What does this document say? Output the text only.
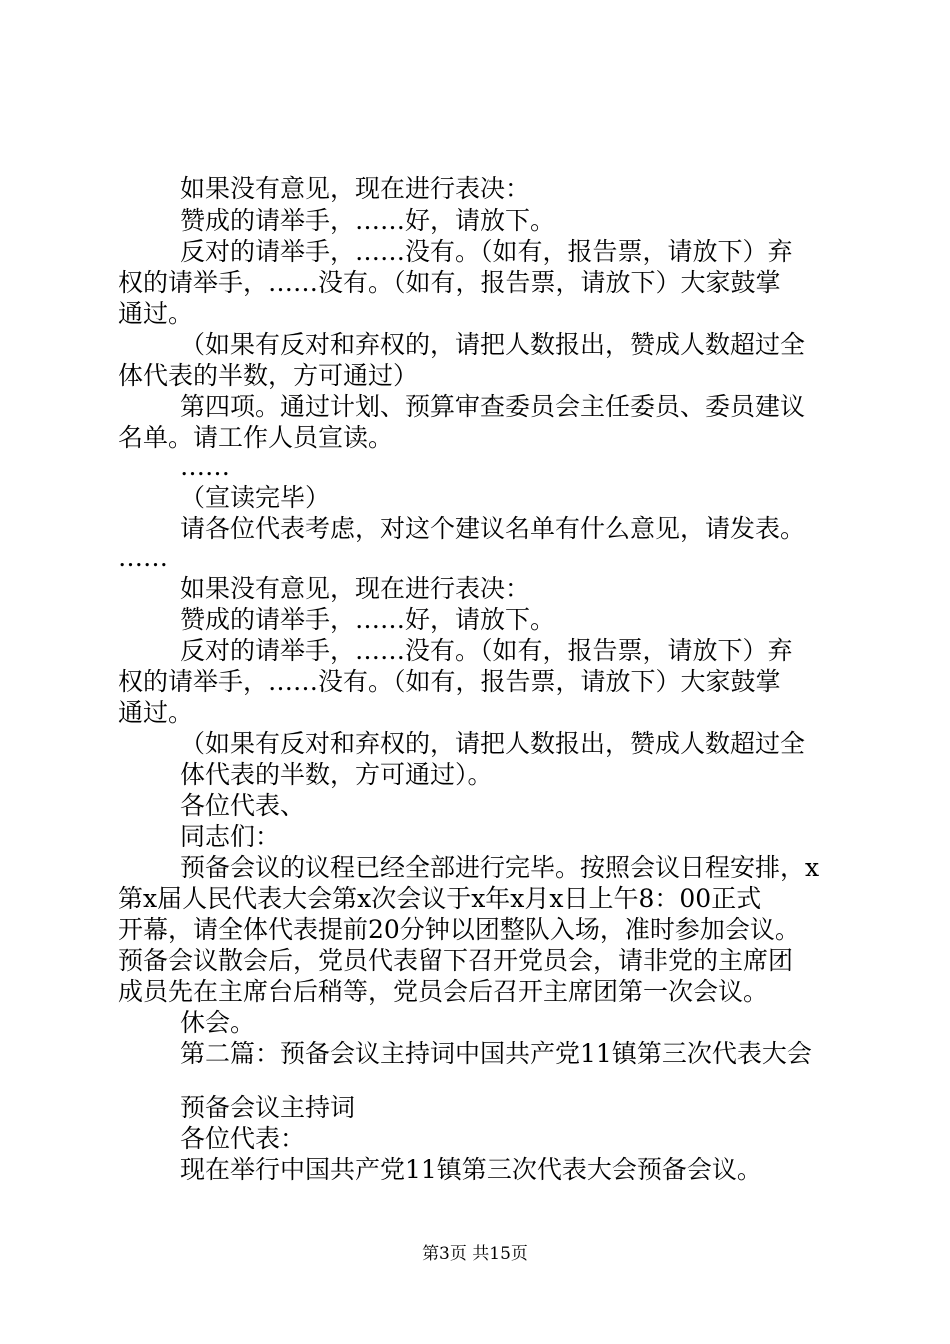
如果没有意见，现在进行表决：
赞成的请举手，……好，请放下。
反对的请举手，……没有。（如有，报告票，请放下）弃
权的请举手，……没有。（如有，报告票，请放下）大家鼓掌
通过。
（如果有反对和弃权的，请把人数报出，赞成人数超过全
体代表的半数，方可通过）
第四项。通过计划、预算审查委员会主任委员、委员建议
名单。请工作人员宣读。
……
（宣读完毕）
请各位代表考虑，对这个建议名单有什么意见，请发表。
……
如果没有意见，现在进行表决：
赞成的请举手，……好，请放下。
反对的请举手，……没有。（如有，报告票，请放下）弃
权的请举手，……没有。（如有，报告票，请放下）大家鼓掌
通过。
（如果有反对和弃权的，请把人数报出，赞成人数超过全
体代表的半数，方可通过）。
各位代表、
同志们：
预备会议的议程已经全部进行完毕。按照会议日程安排，x
第x届人民代表大会第x次会议于x年x月x日上午8：00正式
开幕，请全体代表提前20分钟以团整队入场，准时参加会议。
预备会议散会后，党员代表留下召开党员会，请非党的主席团
成员先在主席台后稍等，党员会后召开主席团第一次会议。
休会。
第二篇：预备会议主持词中国共产党11镇第三次代表大会
预备会议主持词
各位代表：
现在举行中国共产党11镇第三次代表大会预备会议。
第3页 共15页
